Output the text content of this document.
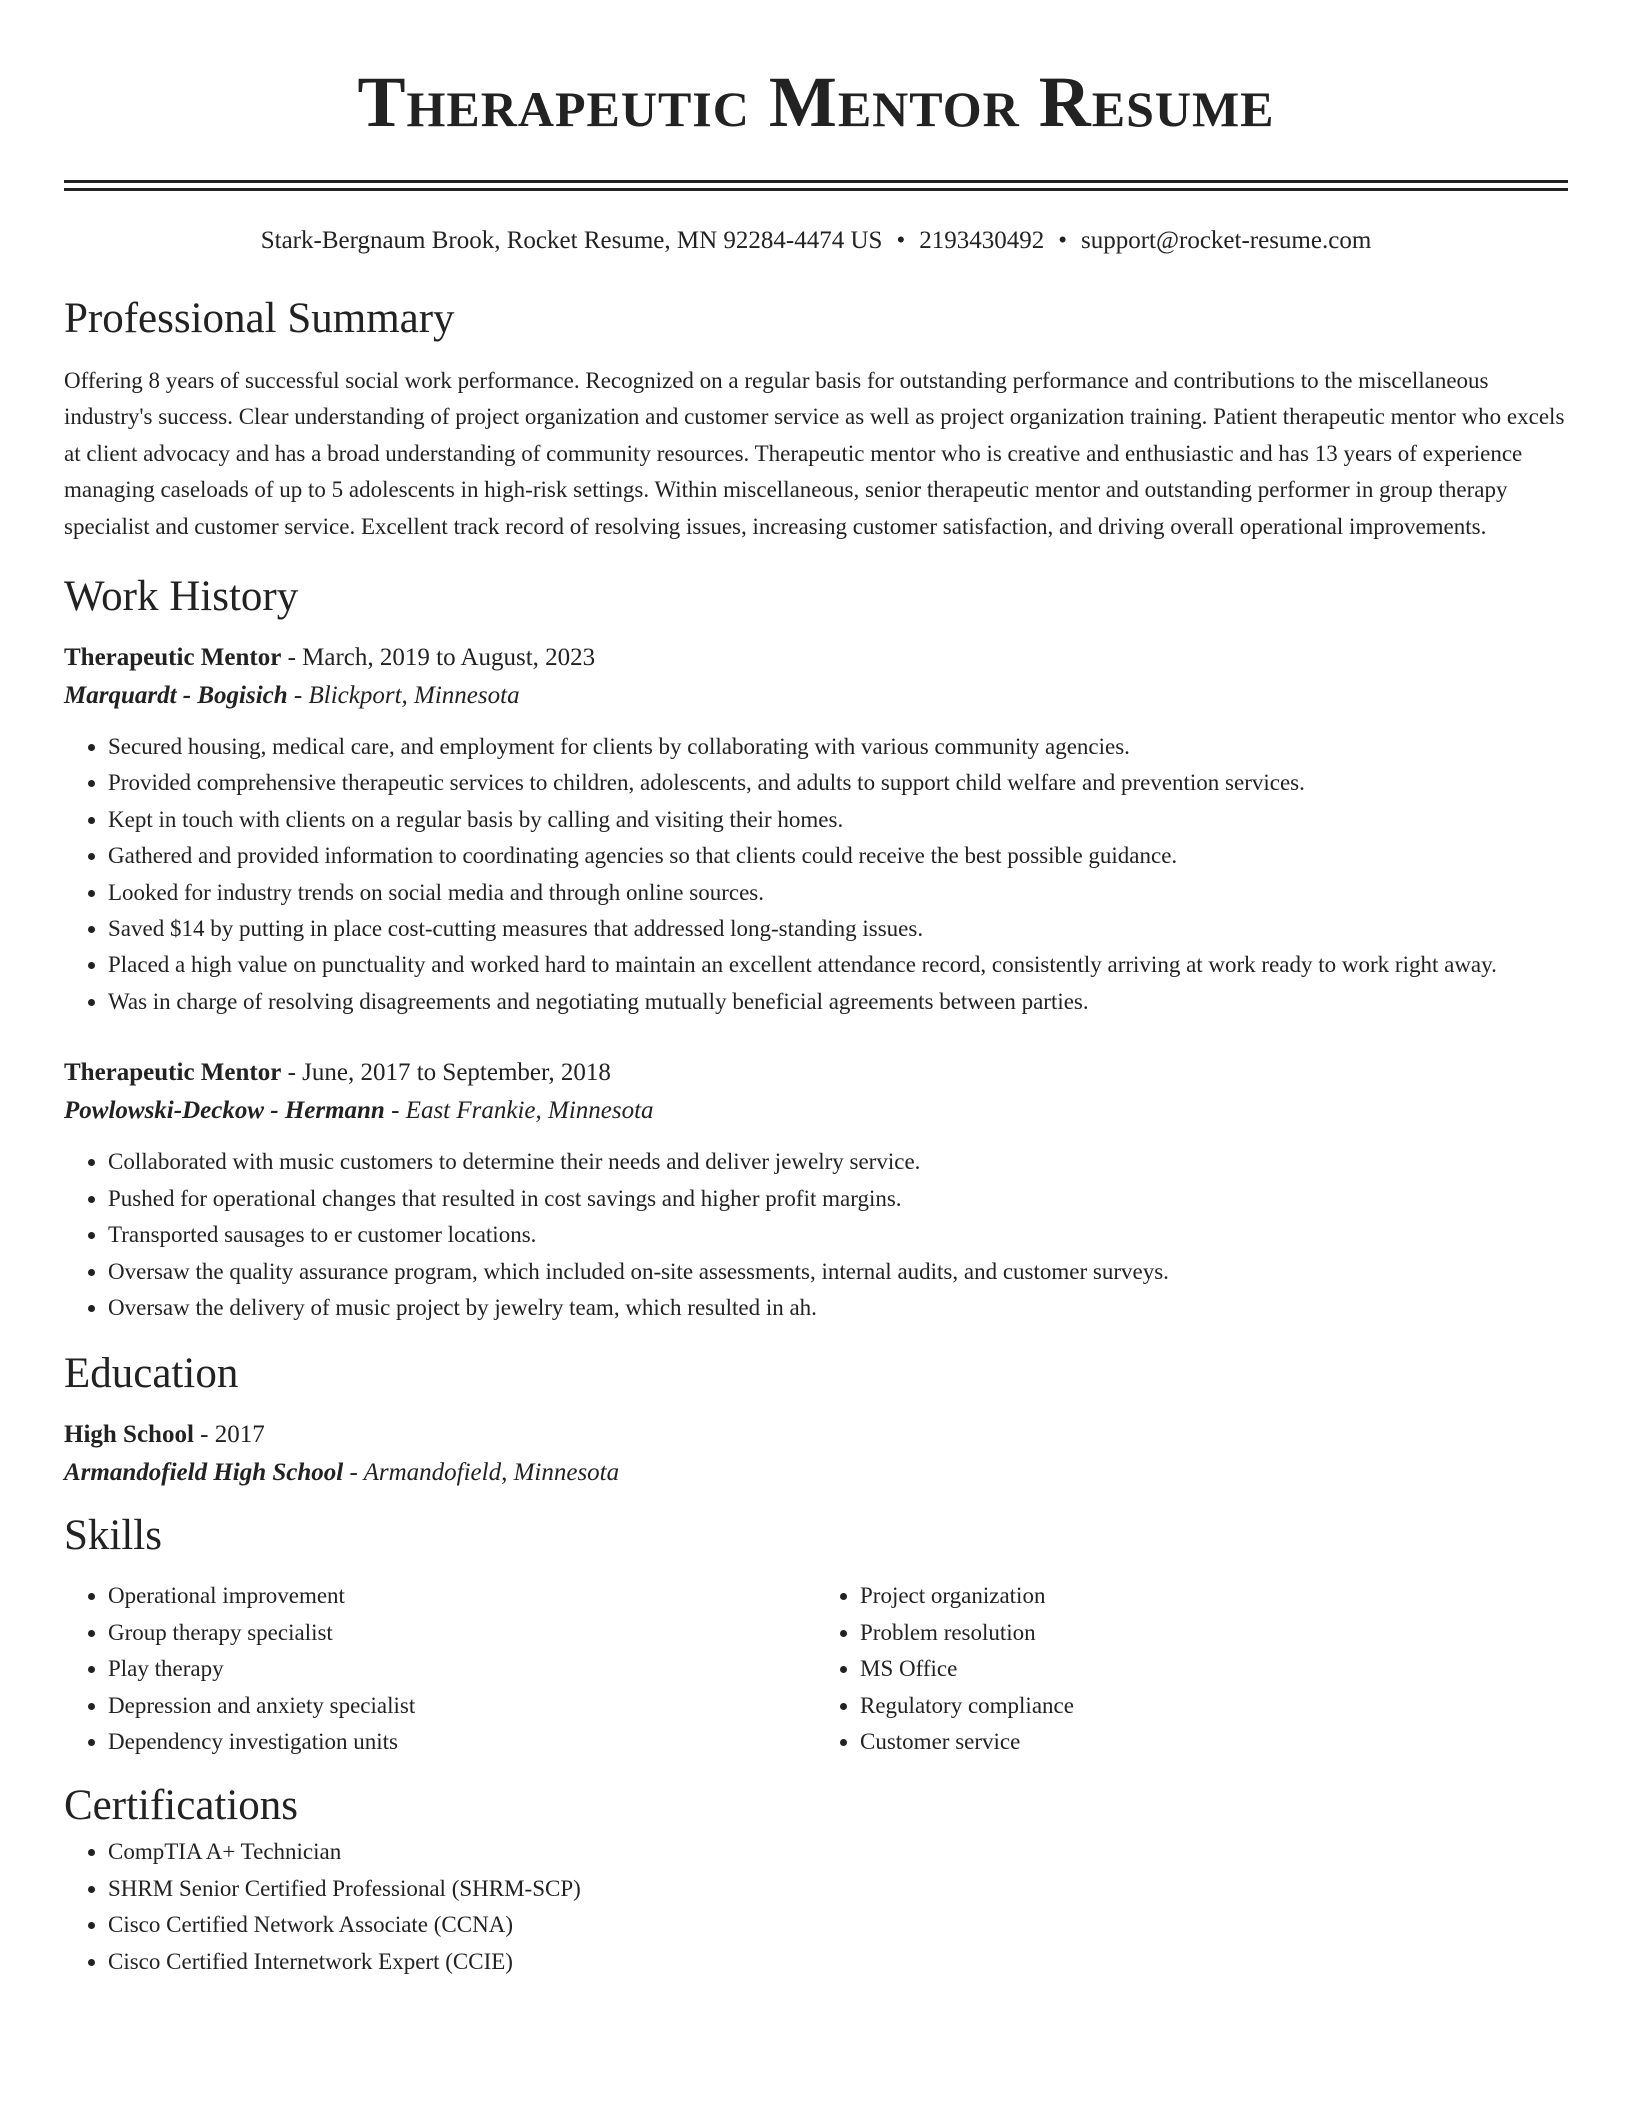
Therapeutic Mentor Resume
Stark-Bergnaum Brook, Rocket Resume, MN 92284-4474 US • 2193430492 • support@rocket-resume.com
Professional Summary
Offering 8 years of successful social work performance. Recognized on a regular basis for outstanding performance and contributions to the miscellaneous industry's success. Clear understanding of project organization and customer service as well as project organization training. Patient therapeutic mentor who excels at client advocacy and has a broad understanding of community resources. Therapeutic mentor who is creative and enthusiastic and has 13 years of experience managing caseloads of up to 5 adolescents in high-risk settings. Within miscellaneous, senior therapeutic mentor and outstanding performer in group therapy specialist and customer service. Excellent track record of resolving issues, increasing customer satisfaction, and driving overall operational improvements.
Work History
Therapeutic Mentor - March, 2019 to August, 2023
Marquardt - Bogisich - Blickport, Minnesota
• Secured housing, medical care, and employment for clients by collaborating with various community agencies.
• Provided comprehensive therapeutic services to children, adolescents, and adults to support child welfare and prevention services.
• Kept in touch with clients on a regular basis by calling and visiting their homes.
• Gathered and provided information to coordinating agencies so that clients could receive the best possible guidance.
• Looked for industry trends on social media and through online sources.
• Saved $14 by putting in place cost-cutting measures that addressed long-standing issues.
• Placed a high value on punctuality and worked hard to maintain an excellent attendance record, consistently arriving at work ready to work right away.
• Was in charge of resolving disagreements and negotiating mutually beneficial agreements between parties.
Therapeutic Mentor - June, 2017 to September, 2018
Powlowski-Deckow - Hermann - East Frankie, Minnesota
• Collaborated with music customers to determine their needs and deliver jewelry service.
• Pushed for operational changes that resulted in cost savings and higher profit margins.
• Transported sausages to er customer locations.
• Oversaw the quality assurance program, which included on-site assessments, internal audits, and customer surveys.
• Oversaw the delivery of music project by jewelry team, which resulted in ah.
Education
High School - 2017
Armandofield High School - Armandofield, Minnesota
Skills
• Operational improvement
• Group therapy specialist
• Play therapy
• Depression and anxiety specialist
• Dependency investigation units
• Project organization
• Problem resolution
• MS Office
• Regulatory compliance
• Customer service
Certifications
• CompTIA A+ Technician
• SHRM Senior Certified Professional (SHRM-SCP)
• Cisco Certified Network Associate (CCNA)
• Cisco Certified Internetwork Expert (CCIE)
